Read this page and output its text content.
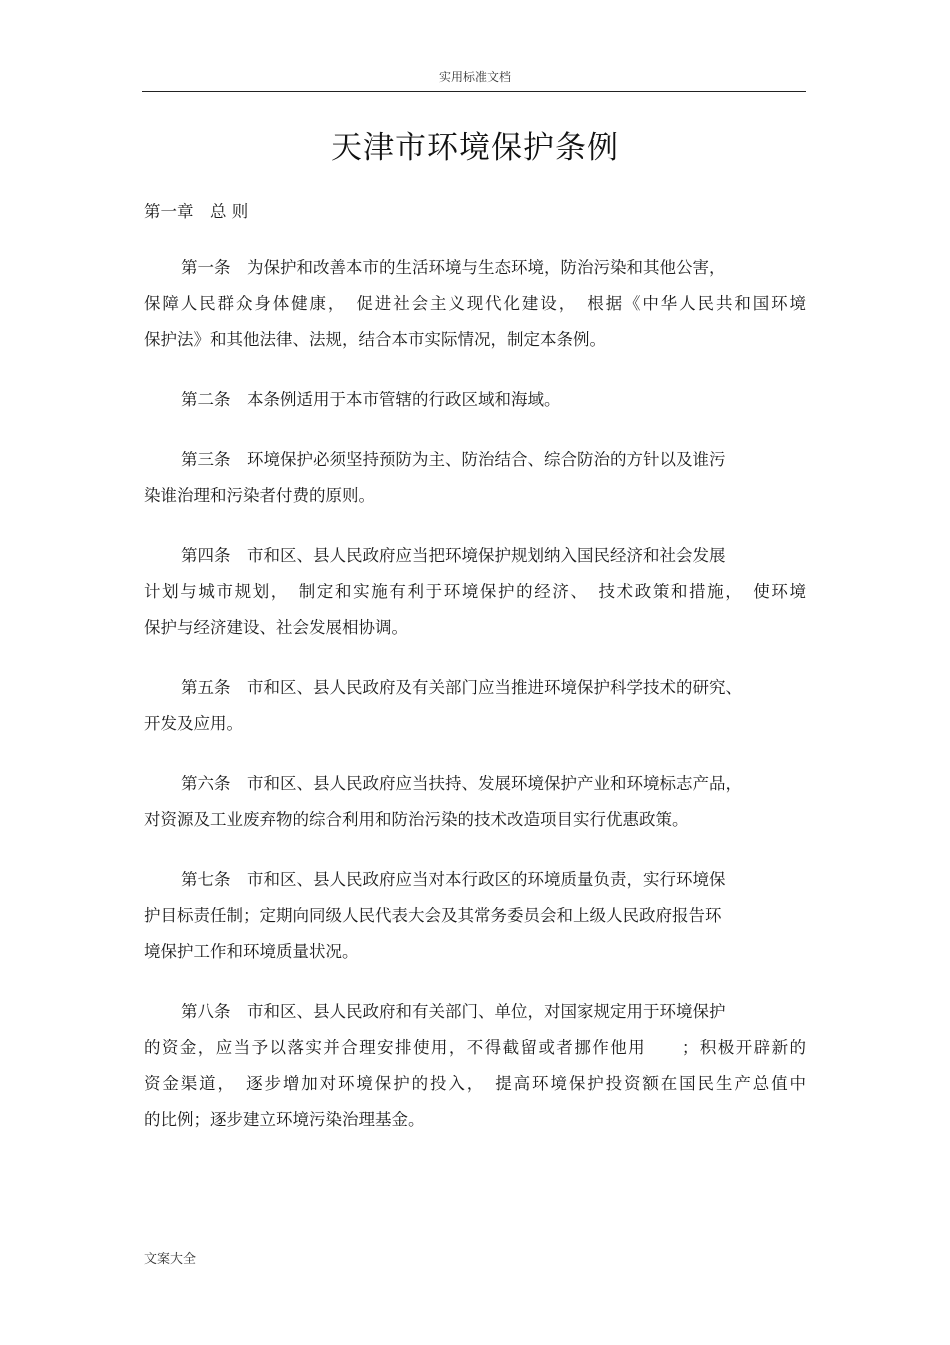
实用标准文档
天津市环境保护条例
第一章　总 则
第一条　为保护和改善本市的生活环境与生态环境，防治污染和其他公害，
保障人民群众身体健康，　促进社会主义现代化建设，　根据《中华人民共和国环境
保护法》和其他法律、法规，结合本市实际情况，制定本条例。
第二条　本条例适用于本市管辖的行政区域和海域。
第三条　环境保护必须坚持预防为主、防治结合、综合防治的方针以及谁污
染谁治理和污染者付费的原则。
第四条　市和区、县人民政府应当把环境保护规划纳入国民经济和社会发展
计划与城市规划，　制定和实施有利于环境保护的经济、　技术政策和措施，　使环境
保护与经济建设、社会发展相协调。
第五条　市和区、县人民政府及有关部门应当推进环境保护科学技术的研究、
开发及应用。
第六条　市和区、县人民政府应当扶持、发展环境保护产业和环境标志产品，
对资源及工业废弃物的综合利用和防治污染的技术改造项目实行优惠政策。
第七条　市和区、县人民政府应当对本行政区的环境质量负责，实行环境保
护目标责任制；定期向同级人民代表大会及其常务委员会和上级人民政府报告环
境保护工作和环境质量状况。
第八条　市和区、县人民政府和有关部门、单位，对国家规定用于环境保护
的资金，应当予以落实并合理安排使用，不得截留或者挪作他用　　；积极开辟新的
资金渠道，　逐步增加对环境保护的投入，　提高环境保护投资额在国民生产总值中
的比例；逐步建立环境污染治理基金。
文案大全
